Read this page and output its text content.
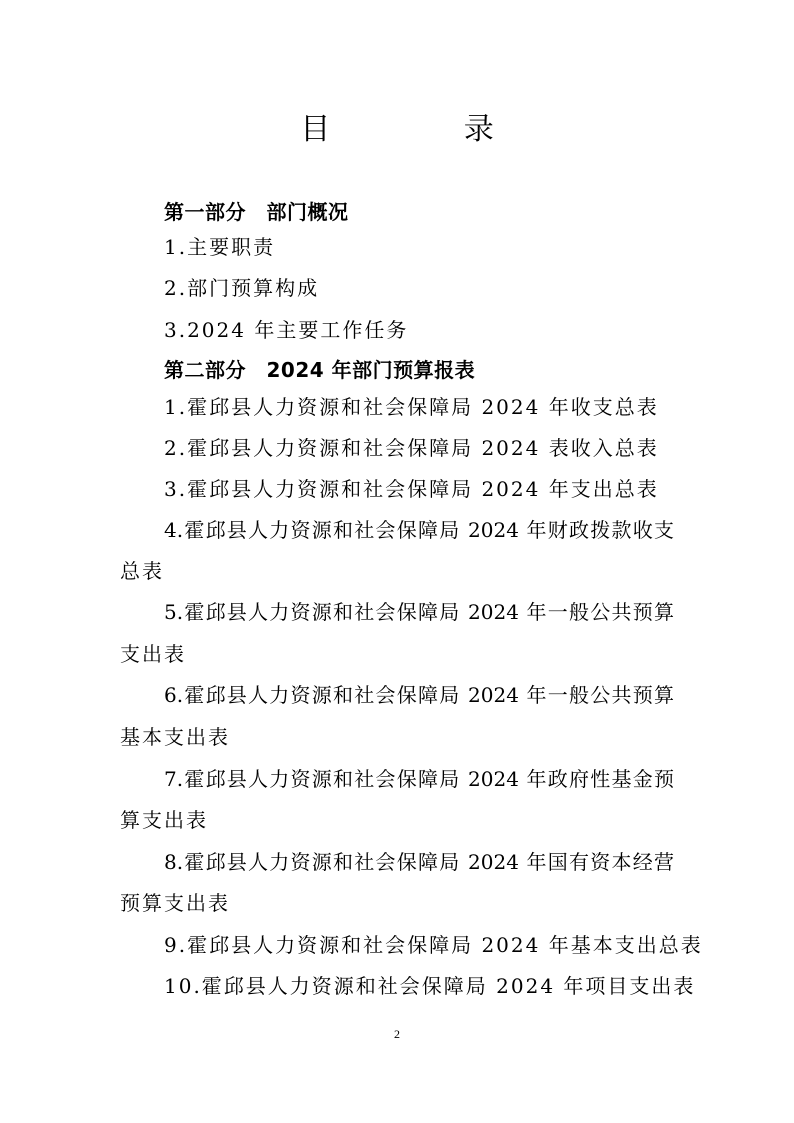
目 录
第一部分　部门概况
1.主要职责
2.部门预算构成
3.2024 年主要工作任务
第二部分　2024 年部门预算报表
1.霍邱县人力资源和社会保障局 2024 年收支总表
2.霍邱县人力资源和社会保障局 2024 表收入总表
3.霍邱县人力资源和社会保障局 2024 年支出总表
4.霍邱县人力资源和社会保障局 2024 年财政拨款收支
总表
5.霍邱县人力资源和社会保障局 2024 年一般公共预算
支出表
6.霍邱县人力资源和社会保障局 2024 年一般公共预算
基本支出表
7.霍邱县人力资源和社会保障局 2024 年政府性基金预
算支出表
8.霍邱县人力资源和社会保障局 2024 年国有资本经营
预算支出表
9.霍邱县人力资源和社会保障局 2024 年基本支出总表
10.霍邱县人力资源和社会保障局 2024 年项目支出表
2
